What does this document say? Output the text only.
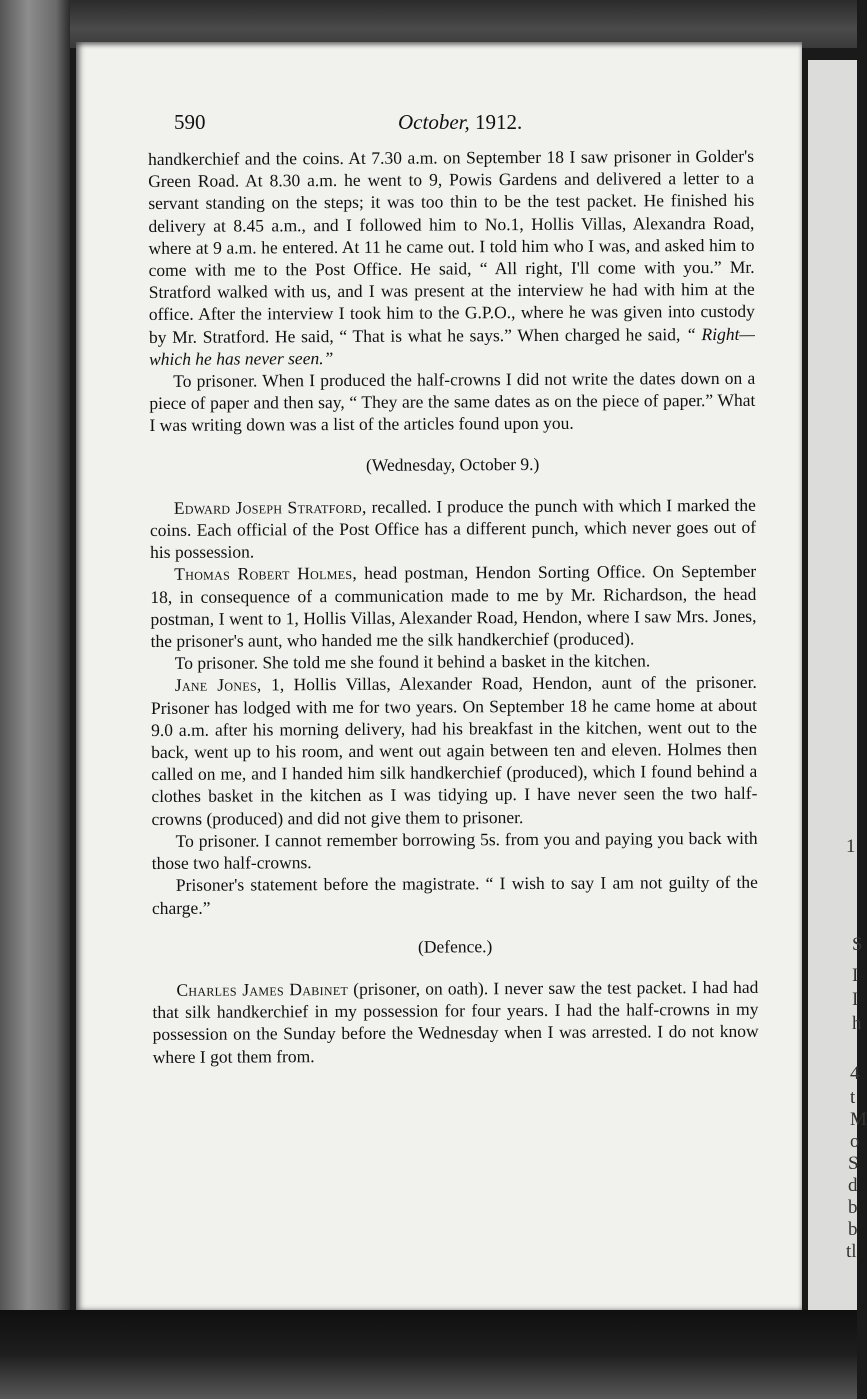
1
S
I
I
h
4
t
M
o
S
d
b
b
tl
590	October, 1912.

handkerchief and the coins. At 7.30 a.m. on September 18 I saw prisoner in Golder's Green Road. At 8.30 a.m. he went to 9, Powis Gardens and delivered a letter to a servant standing on the steps; it was too thin to be the test packet. He finished his delivery at 8.45 a.m., and I followed him to No.1, Hollis Villas, Alexandra Road, where at 9 a.m. he entered. At 11 he came out. I told him who I was, and asked him to come with me to the Post Office. He said, “ All right, I'll come with you.” Mr. Stratford walked with us, and I was present at the interview he had with him at the office. After the interview I took him to the G.P.O., where he was given into custody by Mr. Stratford. He said, “ That is what he says.” When charged he said, “ Right—which he has never seen.”

To prisoner. When I produced the half-crowns I did not write the dates down on a piece of paper and then say, “ They are the same dates as on the piece of paper.” What I was writing down was a list of the articles found upon you.

(Wednesday, October 9.)

Edward Joseph Stratford, recalled. I produce the punch with which I marked the coins. Each official of the Post Office has a different punch, which never goes out of his possession.

Thomas Robert Holmes, head postman, Hendon Sorting Office. On September 18, in consequence of a communication made to me by Mr. Richardson, the head postman, I went to 1, Hollis Villas, Alexander Road, Hendon, where I saw Mrs. Jones, the prisoner's aunt, who handed me the silk handkerchief (produced).

To prisoner. She told me she found it behind a basket in the kitchen.

Jane Jones, 1, Hollis Villas, Alexander Road, Hendon, aunt of the prisoner. Prisoner has lodged with me for two years. On September 18 he came home at about 9.0 a.m. after his morning delivery, had his breakfast in the kitchen, went out to the back, went up to his room, and went out again between ten and eleven. Holmes then called on me, and I handed him silk handkerchief (produced), which I found behind a clothes basket in the kitchen as I was tidying up. I have never seen the two half-crowns (produced) and did not give them to prisoner.

To prisoner. I cannot remember borrowing 5s. from you and paying you back with those two half-crowns.

Prisoner's statement before the magistrate. “ I wish to say I am not guilty of the charge.”

(Defence.)

Charles James Dabinet (prisoner, on oath). I never saw the test packet. I had had that silk handkerchief in my possession for four years. I had the half-crowns in my possession on the Sunday before the Wednesday when I was arrested. I do not know where I got them from.
